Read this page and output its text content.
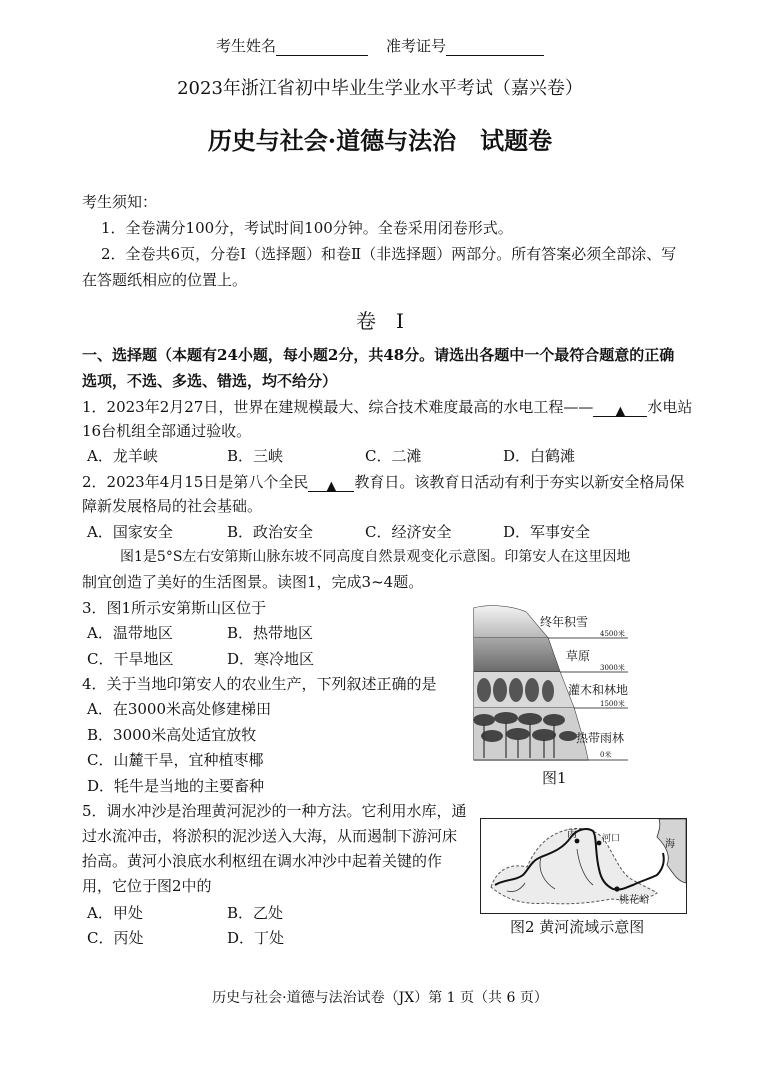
考生姓名	准考证号
2023年浙江省初中毕业生学业水平考试（嘉兴卷）
历史与社会·道德与法治　试题卷
考生须知：
1．全卷满分100分，考试时间100分钟。全卷采用闭卷形式。
2．全卷共6页，分卷Ⅰ（选择题）和卷Ⅱ（非选择题）两部分。所有答案必须全部涂、写
在答题纸相应的位置上。
卷　Ⅰ
一、选择题（本题有24小题，每小题2分，共48分。请选出各题中一个最符合题意的正确
选项，不选、多选、错选，均不给分）
1．2023年2月27日，世界在建规模最大、综合技术难度最高的水电工程—— ▲ 水电站
16台机组全部通过验收。
A．龙羊峡	B．三峡	C．二滩	D．白鹤滩
2．2023年4月15日是第八个全民 ▲ 教育日。该教育日活动有利于夯实以新安全格局保
障新发展格局的社会基础。
A．国家安全	B．政治安全	C．经济安全	D．军事安全
图1是5°S左右安第斯山脉东坡不同高度自然景观变化示意图。印第安人在这里因地
制宜创造了美好的生活图景。读图1，完成3~4题。
3．图1所示安第斯山区位于
A．温带地区	B．热带地区
C．干旱地区	D．寒冷地区
4．关于当地印第安人的农业生产，下列叙述正确的是
A．在3000米高处修建梯田
B．3000米高处适宜放牧
C．山麓干旱，宜种植枣椰
D．牦牛是当地的主要畜种
终年积雪
4500米
草原
3000米
灌木和林地
1500米
热带雨林
0米
图1
5．调水冲沙是治理黄河泥沙的一种方法。它利用水库，通
过水流冲击，将淤积的泥沙送入大海，从而遏制下游河床
抬高。黄河小浪底水利枢纽在调水冲沙中起着关键的作
用，它位于图2中的
A．甲处	B．乙处
C．丙处	D．丁处
丙	河口	海
桃花峪
图2 黄河流域示意图
历史与社会·道德与法治试卷（JX）第 1 页（共 6 页）
